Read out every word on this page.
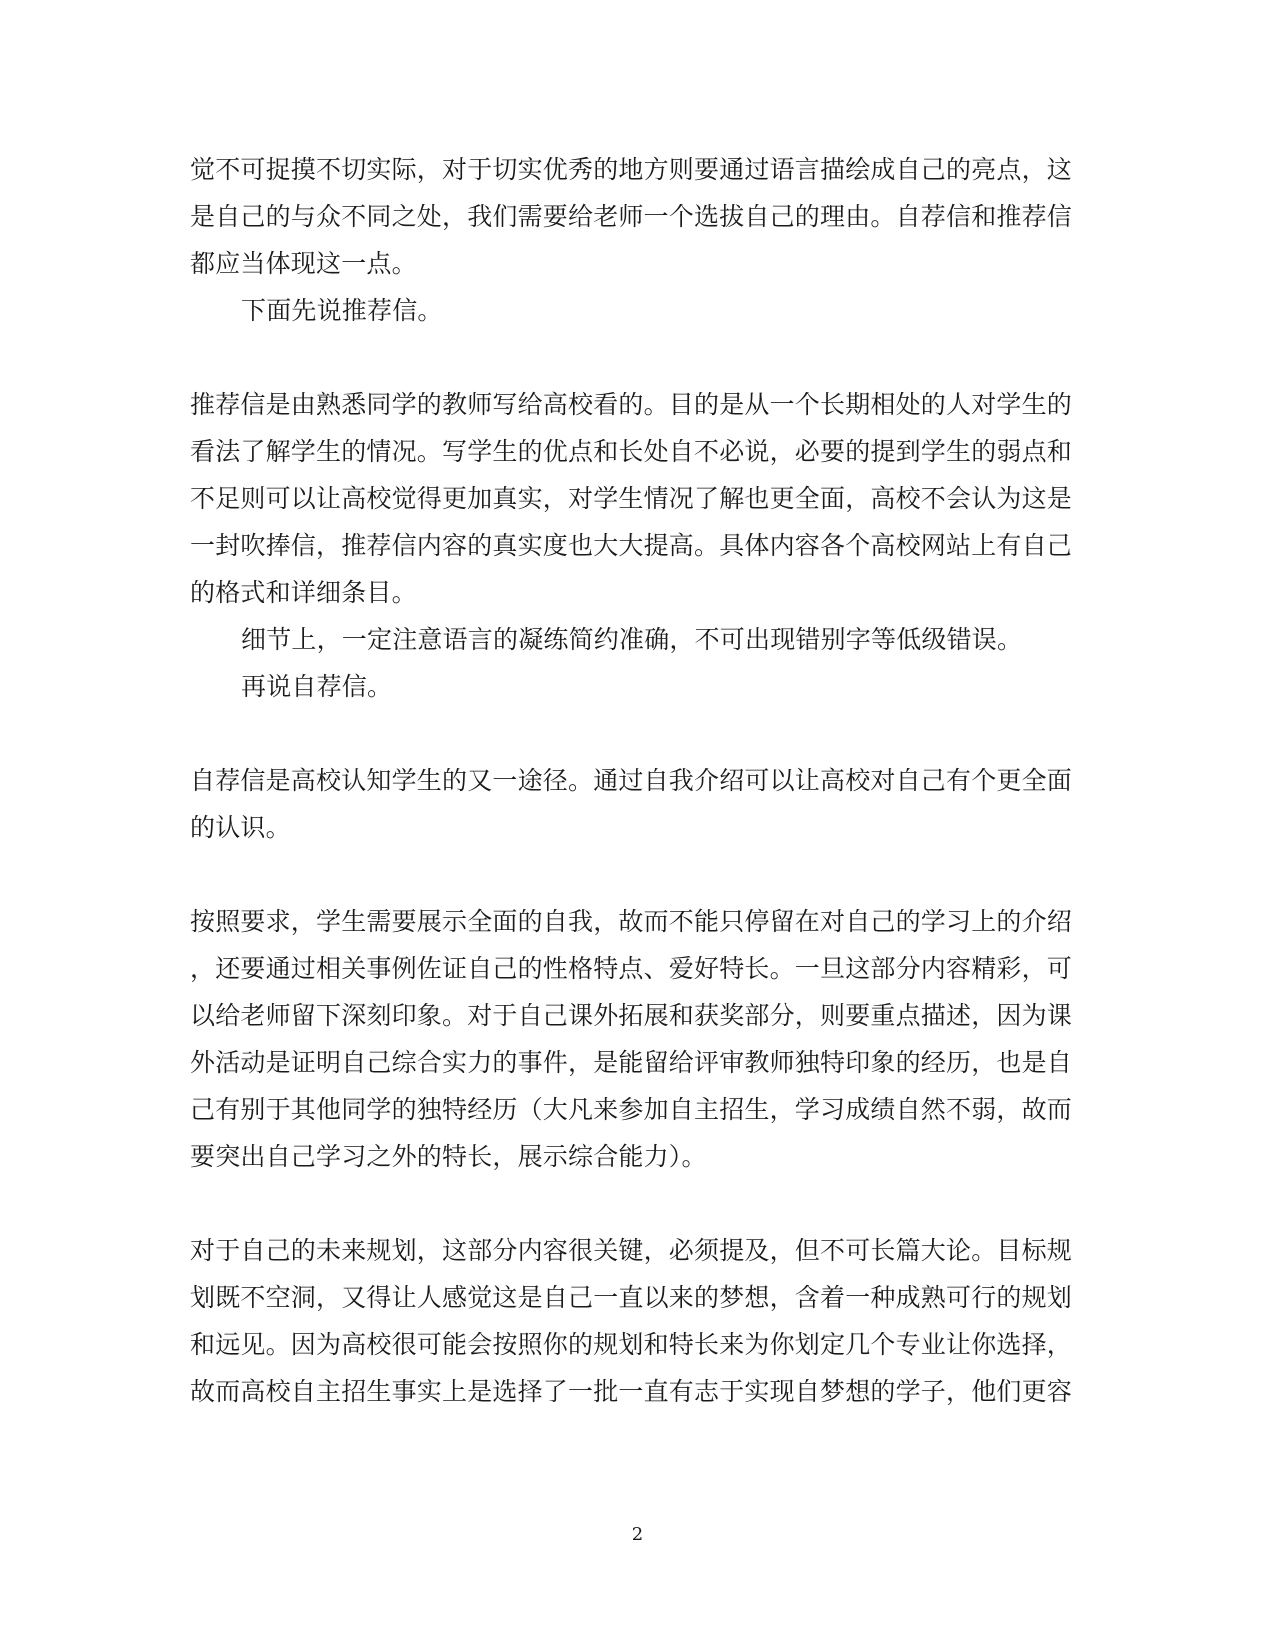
觉不可捉摸不切实际，对于切实优秀的地方则要通过语言描绘成自己的亮点，这
是自己的与众不同之处，我们需要给老师一个选拔自己的理由。自荐信和推荐信
都应当体现这一点。
下面先说推荐信。
推荐信是由熟悉同学的教师写给高校看的。目的是从一个长期相处的人对学生的
看法了解学生的情况。写学生的优点和长处自不必说，必要的提到学生的弱点和
不足则可以让高校觉得更加真实，对学生情况了解也更全面，高校不会认为这是
一封吹捧信，推荐信内容的真实度也大大提高。具体内容各个高校网站上有自己
的格式和详细条目。
细节上，一定注意语言的凝练简约准确，不可出现错别字等低级错误。
再说自荐信。
自荐信是高校认知学生的又一途径。通过自我介绍可以让高校对自己有个更全面
的认识。
按照要求，学生需要展示全面的自我，故而不能只停留在对自己的学习上的介绍
，还要通过相关事例佐证自己的性格特点、爱好特长。一旦这部分内容精彩，可
以给老师留下深刻印象。对于自己课外拓展和获奖部分，则要重点描述，因为课
外活动是证明自己综合实力的事件，是能留给评审教师独特印象的经历，也是自
己有别于其他同学的独特经历（大凡来参加自主招生，学习成绩自然不弱，故而
要突出自己学习之外的特长，展示综合能力）。
对于自己的未来规划，这部分内容很关键，必须提及，但不可长篇大论。目标规
划既不空洞，又得让人感觉这是自己一直以来的梦想，含着一种成熟可行的规划
和远见。因为高校很可能会按照你的规划和特长来为你划定几个专业让你选择，
故而高校自主招生事实上是选择了一批一直有志于实现自梦想的学子，他们更容
2
